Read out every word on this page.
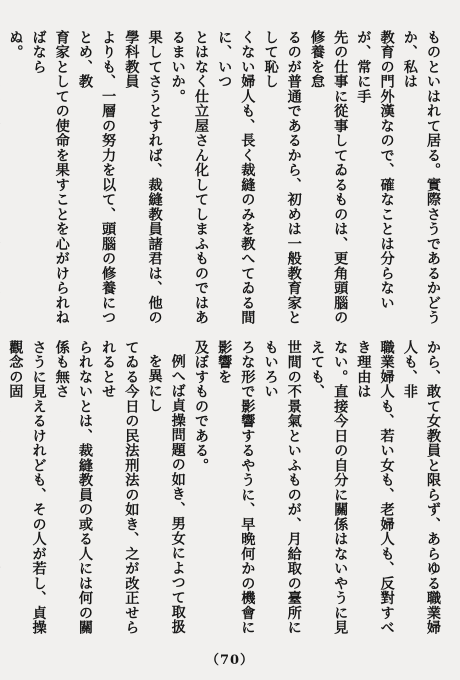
ものといはれて居る。實際さうであるかどうか、私は
教育の門外漢なので、確なことは分らないが、常に手
先の仕事に從事してゐるものは、更角頭腦の修養を怠
るのが普通であるから、初めは一般教育家として恥し
くない婦人も、長く裁縫のみを教へてゐる間に、いつ
とはなく仕立屋さん化してしまふものではあるまいか。
果してさうとすれば、裁縫教員諸君は、他の學科教員
よりも、一層の努力を以て、頭腦の修養につとめ、教
育家としての使命を果すことを心がけられねばなら
ぬ。
から、敢て女教員と限らず、あらゆる職業婦人も、非
職業婦人も、若い女も、老婦人も、反對すべき理由は
ない。直接今日の自分に關係はないやうに見えても、
世間の不景氣といふものが、月給取の臺所にもいろい
ろな形で影響するやうに、早晩何かの機會に影響を
及ぼすものである。
例へば貞操問題の如き、男女によつて取扱を異にし
てゐる今日の民法刑法の如き、之が改正せられるとせ
られないとは、裁縫教員の或る人には何の關係も無さ
さうに見えるけれども、その人が若し、貞操觀念の固
（70）
